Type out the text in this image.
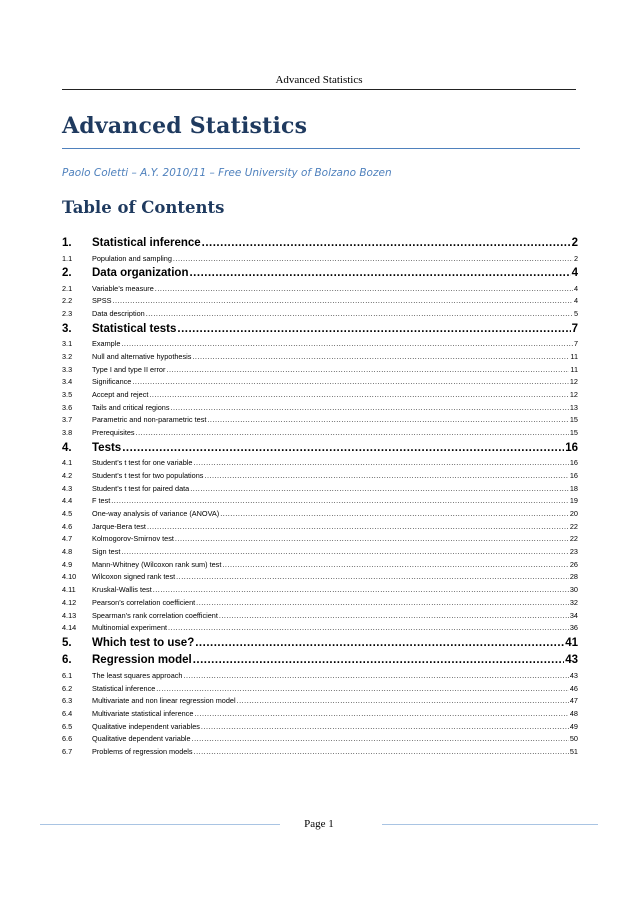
Advanced Statistics
Advanced Statistics
Paolo Coletti – A.Y. 2010/11 – Free University of Bolzano Bozen
Table of Contents
1.	Statistical inference .....	2
1.1	Population and sampling .....	2
2.	Data organization .....	4
2.1	Variable’s measure .....	4
2.2	SPSS .....	4
2.3	Data description .....	5
3.	Statistical tests .....	7
3.1	Example .....	7
3.2	Null and alternative hypothesis .....	11
3.3	Type I and type II error .....	11
3.4	Significance .....	12
3.5	Accept and reject .....	12
3.6	Tails and critical regions .....	13
3.7	Parametric and non-parametric test .....	15
3.8	Prerequisites .....	15
4.	Tests .....	16
4.1	Student’s t test for one variable .....	16
4.2	Student’s t test for two populations .....	16
4.3	Student’s t test for paired data .....	18
4.4	F test .....	19
4.5	One-way analysis of variance (ANOVA) .....	20
4.6	Jarque-Bera test .....	22
4.7	Kolmogorov-Smirnov test .....	22
4.8	Sign test .....	23
4.9	Mann-Whitney (Wilcoxon rank sum) test .....	26
4.10	Wilcoxon signed rank test .....	28
4.11	Kruskal-Wallis test .....	30
4.12	Pearson’s correlation coefficient .....	32
4.13	Spearman’s rank correlation coefficient .....	34
4.14	Multinomial experiment .....	36
5.	Which test to use? .....	41
6.	Regression model .....	43
6.1	The least squares approach .....	43
6.2	Statistical inference .....	46
6.3	Multivariate and non linear regression model .....	47
6.4	Multivariate statistical inference .....	48
6.5	Qualitative independent variables .....	49
6.6	Qualitative dependent variable .....	50
6.7	Problems of regression models .....	51
Page 1
